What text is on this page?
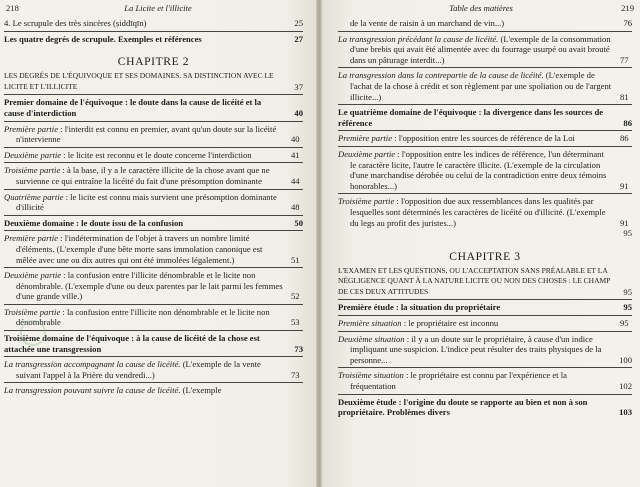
218	La Licite et l'illicite
4. Le scrupule des très sincères (ṣiddīqīn)	25
Les quatre degrés de scrupule. Exemples et références	27
CHAPITRE 2
LES DEGRÉS DE L'ÉQUIVOQUE ET SES DOMAINES. SA DISTINCTION AVEC LE LICITE ET L'ILLICITE	37
Premier domaine de l'équivoque : le doute dans la cause de licéité et la cause d'interdiction	40
Première partie : l'interdit est connu en premier, avant qu'un doute sur la licéité n'intervienne	40
Deuxième partie : le licite est reconnu et le doute concerne l'interdiction	41
Troisième partie : à la base, il y a le caractère illicite de la chose avant que ne survienne ce qui entraîne la licéité du fait d'une présomption dominante	44
Quatrième partie : le licite est connu mais survient une présomption dominante d'illicité	48
Deuxième domaine : le doute issu de la confusion	50
Première partie : l'indétermination de l'objet à travers un nombre limité d'éléments. (L'exemple d'une bête morte sans immolation canonique est mêlée avec une ou dix autres qui ont été immolées légalement.)	51
Deuxième partie : la confusion entre l'illicite dénombrable et le licite non dénombrable. (L'exemple d'une ou deux parentes par le lait parmi les femmes d'une grande ville.)	52
Troisième partie : la confusion entre l'illicite non dénombrable et le licite non dénombrable	53
Troisième domaine de l'équivoque : à la cause de licéité de la chose est attachée une transgression	73
La transgression accompagnant la cause de licéité. (L'exemple de la vente suivant l'appel à la Prière du vendredi...)	73
La transgression pouvant suivre la cause de licéité. (L'exemple
Table des matières	219
de la vente de raisin à un marchand de vin...)	76
La transgression précédant la cause de licéité. (L'exemple de la consommation d'une brebis qui avait été alimentée avec du fourrage usurpé ou avait brouté dans un pâturage interdit...)	77
La transgression dans la contrepartie de la cause de licéité. (L'exemple de l'achat de la chose à crédit et son règlement par une spoliation ou de l'argent illicite...)	81
Le quatrième domaine de l'équivoque : la divergence dans les sources de référence	86
Première partie : l'opposition entre les sources de référence de la Loi	86
Deuxième partie : l'opposition entre les indices de référence, l'un déterminant le caractère licite, l'autre le caractère illicite. (L'exemple de la circulation d'une marchandise dérobée ou celui de la contradiction entre deux témoins honorables...)	91
Troisième partie : l'opposition due aux ressemblances dans les qualités par lesquelles sont déterminés les caractères de licéité ou d'illicité. (L'exemple du legs au profit des juristes...)	91
95
CHAPITRE 3
L'EXAMEN ET LES QUESTIONS, OU L'ACCEPTATION SANS PRÉALABLE ET LA NÉGLIGENCE QUANT À LA NATURE LICITE OU NON DES CHOSES : LE CHAMP DE CES DEUX ATTITUDES	95
Première étude : la situation du propriétaire	95
Première situation : le propriétaire est inconnu	95
Deuxième situation : il y a un doute sur le propriétaire, à cause d'un indice impliquant une suspicion. L'indice peut résulter des traits physiques de la personne...	100
Troisième situation : le propriétaire est connu par l'expérience et la fréquentation	102
Deuxième étude : l'origine du doute se rapporte au bien et non à son propriétaire. Problèmes divers	103
